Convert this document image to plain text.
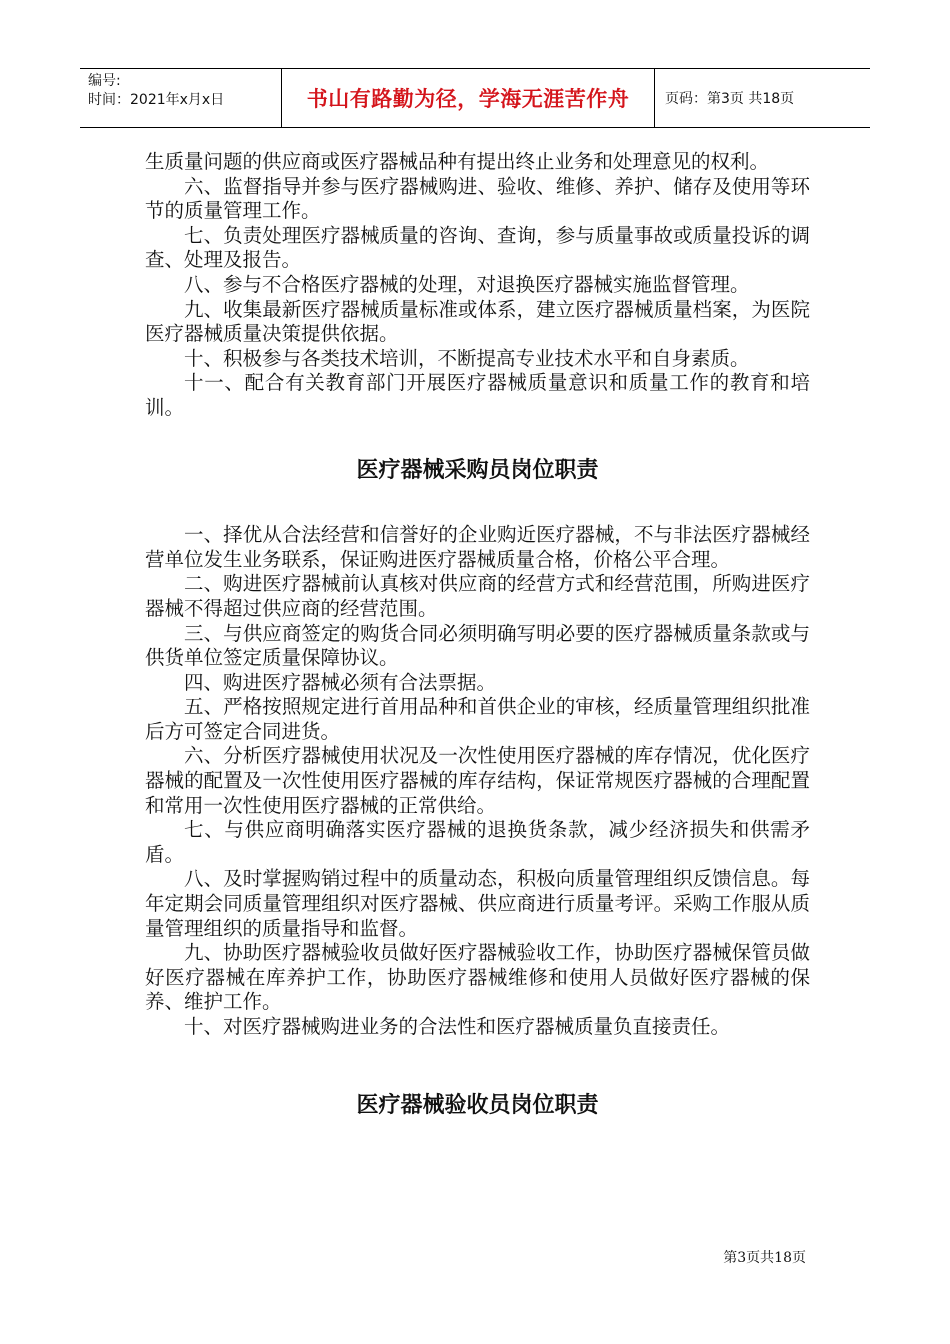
编号:
时间：2021年x月x日	书山有路勤为径，学海无涯苦作舟	页码：第3页 共18页

生质量问题的供应商或医疗器械品种有提出终止业务和处理意见的权利。

六、监督指导并参与医疗器械购进、验收、维修、养护、储存及使用等环节的质量管理工作。

七、负责处理医疗器械质量的咨询、查询，参与质量事故或质量投诉的调查、处理及报告。

八、参与不合格医疗器械的处理，对退换医疗器械实施监督管理。

九、收集最新医疗器械质量标准或体系，建立医疗器械质量档案，为医院医疗器械质量决策提供依据。

十、积极参与各类技术培训，不断提高专业技术水平和自身素质。

十一、配合有关教育部门开展医疗器械质量意识和质量工作的教育和培训。

医疗器械采购员岗位职责

一、择优从合法经营和信誉好的企业购近医疗器械，不与非法医疗器械经营单位发生业务联系，保证购进医疗器械质量合格，价格公平合理。

二、购进医疗器械前认真核对供应商的经营方式和经营范围，所购进医疗器械不得超过供应商的经营范围。

三、与供应商签定的购货合同必须明确写明必要的医疗器械质量条款或与供货单位签定质量保障协议。

四、购进医疗器械必须有合法票据。

五、严格按照规定进行首用品种和首供企业的审核，经质量管理组织批准后方可签定合同进货。

六、分析医疗器械使用状况及一次性使用医疗器械的库存情况，优化医疗器械的配置及一次性使用医疗器械的库存结构，保证常规医疗器械的合理配置和常用一次性使用医疗器械的正常供给。

七、与供应商明确落实医疗器械的退换货条款，减少经济损失和供需矛盾。

八、及时掌握购销过程中的质量动态，积极向质量管理组织反馈信息。每年定期会同质量管理组织对医疗器械、供应商进行质量考评。采购工作服从质量管理组织的质量指导和监督。

九、协助医疗器械验收员做好医疗器械验收工作，协助医疗器械保管员做好医疗器械在库养护工作，协助医疗器械维修和使用人员做好医疗器械的保养、维护工作。

十、对医疗器械购进业务的合法性和医疗器械质量负直接责任。

医疗器械验收员岗位职责
第3页共18页
